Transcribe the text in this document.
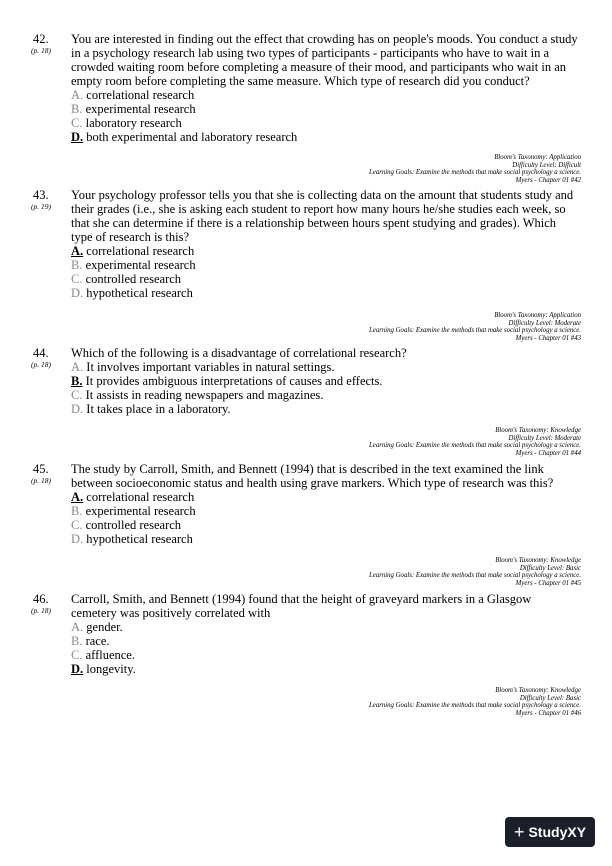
42.
(p. 18)
You are interested in finding out the effect that crowding has on people's moods. You conduct a study in a psychology research lab using two types of participants - participants who have to wait in a crowded waiting room before completing a measure of their mood, and participants who wait in an empty room before completing the same measure. Which type of research did you conduct?
A. correlational research
B. experimental research
C. laboratory research
D. both experimental and laboratory research
Bloom's Taxonomy: Application
Difficulty Level: Difficult
Learning Goals: Examine the methods that make social psychology a science.
Myers - Chapter 01 #42
43.
(p. 19)
Your psychology professor tells you that she is collecting data on the amount that students study and their grades (i.e., she is asking each student to report how many hours he/she studies each week, so that she can determine if there is a relationship between hours spent studying and grades). Which type of research is this?
A. correlational research
B. experimental research
C. controlled research
D. hypothetical research
Bloom's Taxonomy: Application
Difficulty Level: Moderate
Learning Goals: Examine the methods that make social psychology a science.
Myers - Chapter 01 #43
44.
(p. 18)
Which of the following is a disadvantage of correlational research?
A. It involves important variables in natural settings.
B. It provides ambiguous interpretations of causes and effects.
C. It assists in reading newspapers and magazines.
D. It takes place in a laboratory.
Bloom's Taxonomy: Knowledge
Difficulty Level: Moderate
Learning Goals: Examine the methods that make social psychology a science.
Myers - Chapter 01 #44
45.
(p. 18)
The study by Carroll, Smith, and Bennett (1994) that is described in the text examined the link between socioeconomic status and health using grave markers. Which type of research was this?
A. correlational research
B. experimental research
C. controlled research
D. hypothetical research
Bloom's Taxonomy: Knowledge
Difficulty Level: Basic
Learning Goals: Examine the methods that make social psychology a science.
Myers - Chapter 01 #45
46.
(p. 18)
Carroll, Smith, and Bennett (1994) found that the height of graveyard markers in a Glasgow cemetery was positively correlated with
A. gender.
B. race.
C. affluence.
D. longevity.
Bloom's Taxonomy: Knowledge
Difficulty Level: Basic
Learning Goals: Examine the methods that make social psychology a science.
Myers - Chapter 01 #46
+ StudyXY
